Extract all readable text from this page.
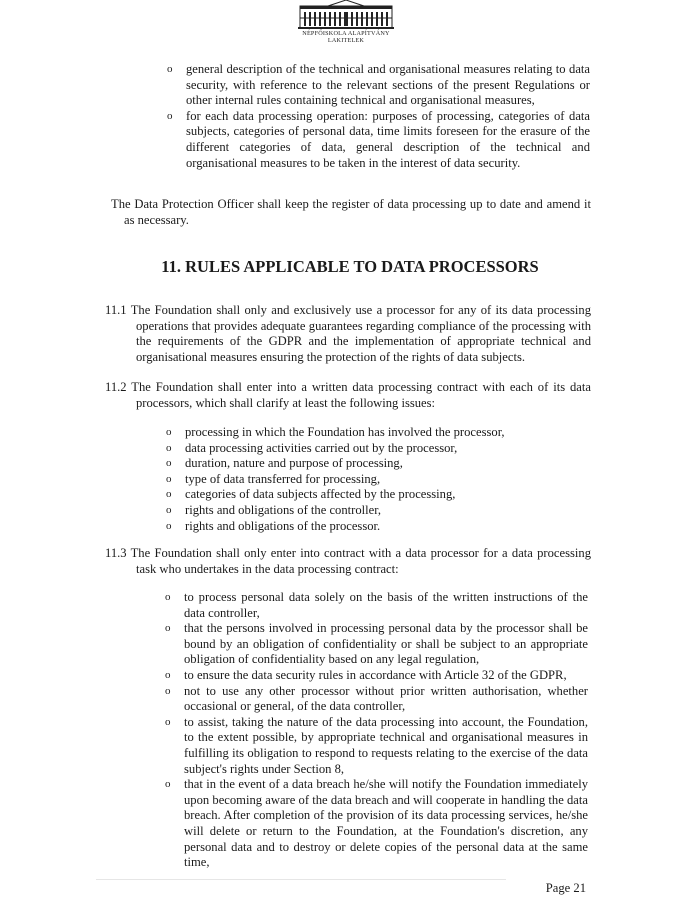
NÉPFŐISKOLA ALAPÍTVÁNY
LAKITELEK
o general description of the technical and organisational measures relating to data security, with reference to the relevant sections of the present Regulations or other internal rules containing technical and organisational measures,
o for each data processing operation: purposes of processing, categories of data subjects, categories of personal data, time limits foreseen for the erasure of the different categories of data, general description of the technical and organisational measures to be taken in the interest of data security.
The Data Protection Officer shall keep the register of data processing up to date and amend it as necessary.
11. RULES APPLICABLE TO DATA PROCESSORS
11.1 The Foundation shall only and exclusively use a processor for any of its data processing operations that provides adequate guarantees regarding compliance of the processing with the requirements of the GDPR and the implementation of appropriate technical and organisational measures ensuring the protection of the rights of data subjects.
11.2 The Foundation shall enter into a written data processing contract with each of its data processors, which shall clarify at least the following issues:
o processing in which the Foundation has involved the processor,
o data processing activities carried out by the processor,
o duration, nature and purpose of processing,
o type of data transferred for processing,
o categories of data subjects affected by the processing,
o rights and obligations of the controller,
o rights and obligations of the processor.
11.3 The Foundation shall only enter into contract with a data processor for a data processing task who undertakes in the data processing contract:
o to process personal data solely on the basis of the written instructions of the data controller,
o that the persons involved in processing personal data by the processor shall be bound by an obligation of confidentiality or shall be subject to an appropriate obligation of confidentiality based on any legal regulation,
o to ensure the data security rules in accordance with Article 32 of the GDPR,
o not to use any other processor without prior written authorisation, whether occasional or general, of the data controller,
o to assist, taking the nature of the data processing into account, the Foundation, to the extent possible, by appropriate technical and organisational measures in fulfilling its obligation to respond to requests relating to the exercise of the data subject's rights under Section 8,
o that in the event of a data breach he/she will notify the Foundation immediately upon becoming aware of the data breach and will cooperate in handling the data breach. After completion of the provision of its data processing services, he/she will delete or return to the Foundation, at the Foundation's discretion, any personal data and to destroy or delete copies of the personal data at the same time,
Page 21
